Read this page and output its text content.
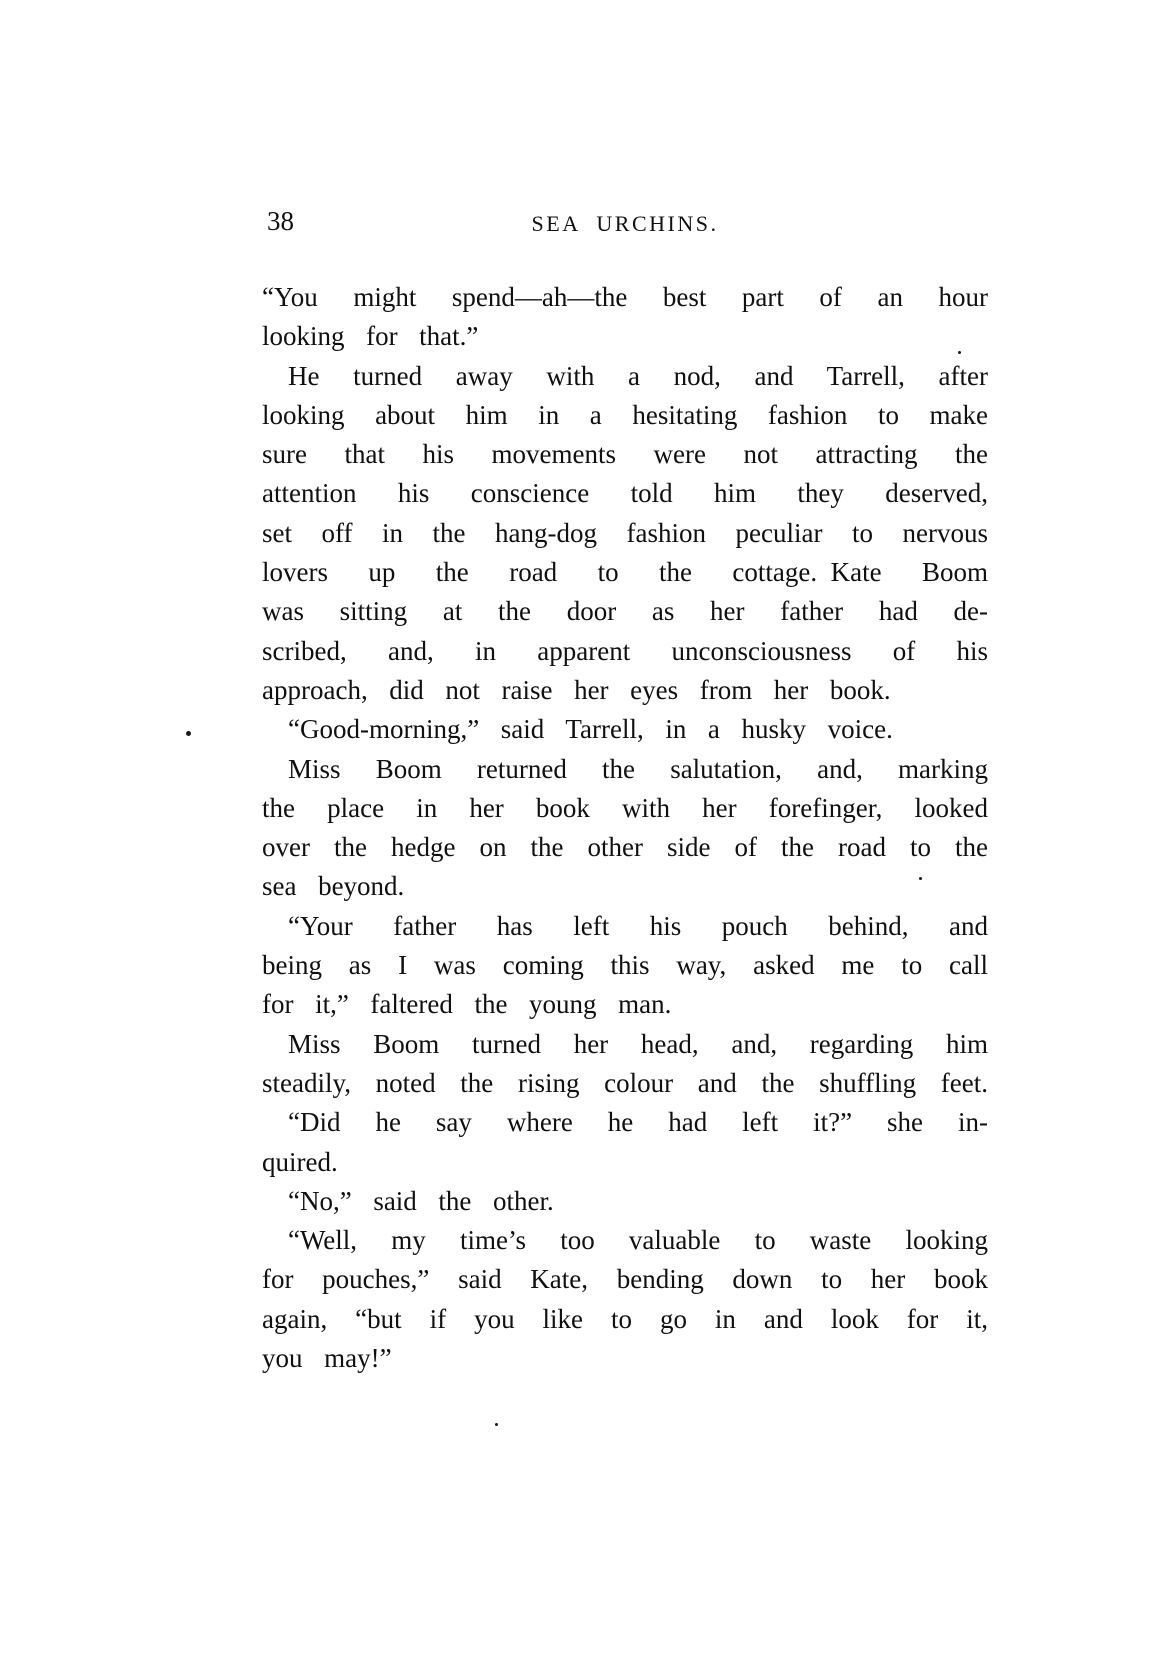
38	SEA URCHINS.
“You might spend—ah—the best part of an hour
looking for that.”
He turned away with a nod, and Tarrell, after
looking about him in a hesitating fashion to make
sure that his movements were not attracting the
attention his conscience told him they deserved,
set off in the hang-dog fashion peculiar to nervous
lovers up the road to the cottage. Kate Boom
was sitting at the door as her father had de-
scribed, and, in apparent unconsciousness of his
approach, did not raise her eyes from her book.
“Good-morning,” said Tarrell, in a husky voice.
Miss Boom returned the salutation, and, marking
the place in her book with her forefinger, looked
over the hedge on the other side of the road to the
sea beyond.
“Your father has left his pouch behind, and
being as I was coming this way, asked me to call
for it,” faltered the young man.
Miss Boom turned her head, and, regarding him
steadily, noted the rising colour and the shuffling feet.
“Did he say where he had left it?” she in-
quired.
“No,” said the other.
“Well, my time’s too valuable to waste looking
for pouches,” said Kate, bending down to her book
again, “but if you like to go in and look for it,
you may!”
